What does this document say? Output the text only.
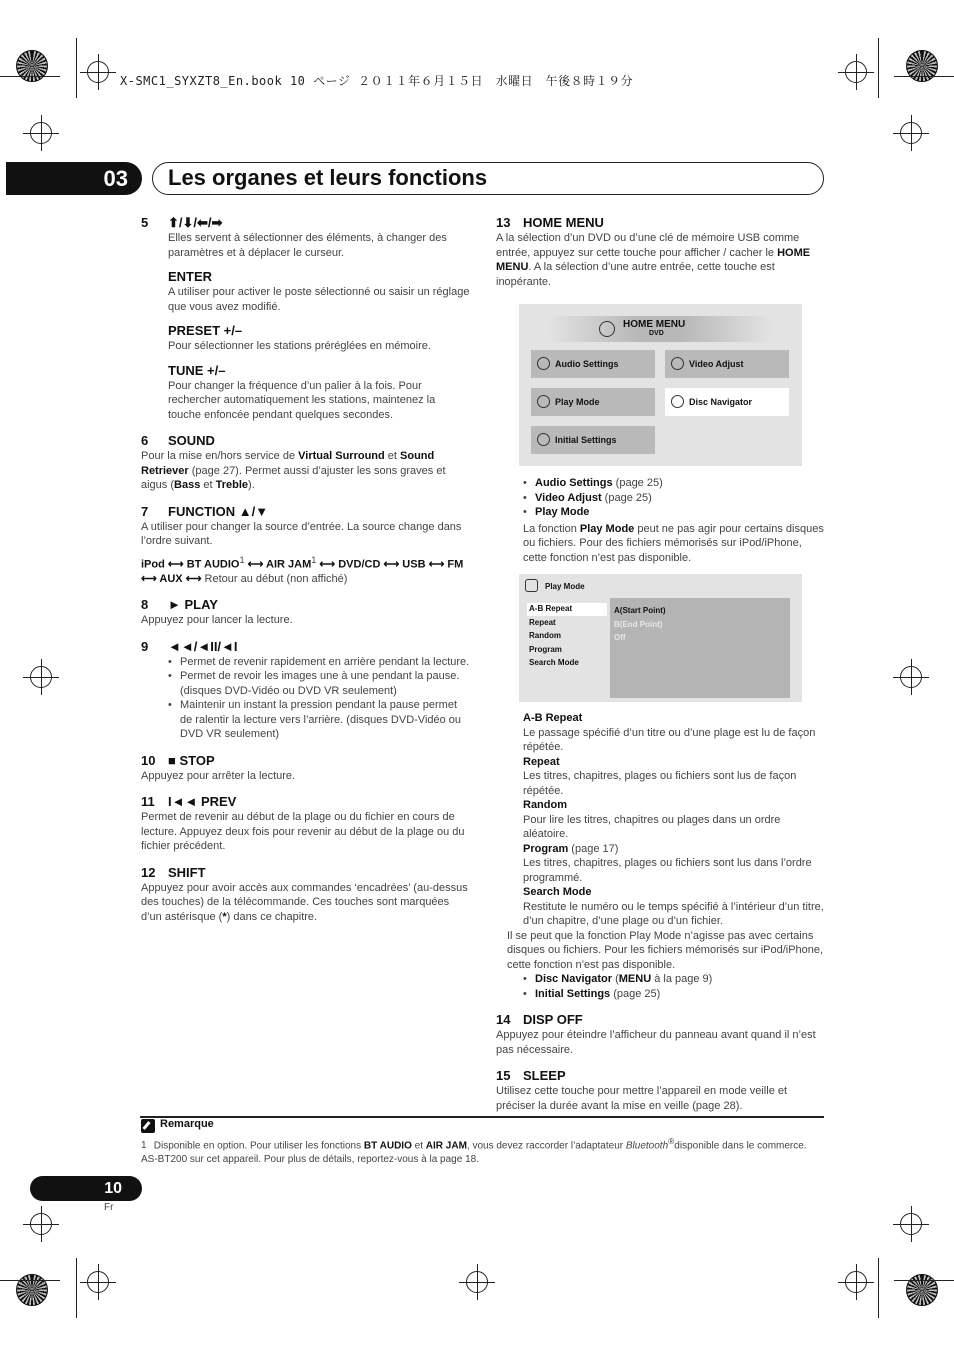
X-SMC1_SYXZT8_En.book 10 ページ ２０１１年６月１５日　水曜日　午後８時１９分
03	Les organes et leurs fonctions
5 ⬆/⬇/⬅/➡

Elles servent à sélectionner des éléments, à changer des paramètres et à déplacer le curseur.

ENTER

A utiliser pour activer le poste sélectionné ou saisir un réglage que vous avez modifié.

PRESET +/–

Pour sélectionner les stations préréglées en mémoire.

TUNE +/–

Pour changer la fréquence d’un palier à la fois. Pour rechercher automatiquement les stations, maintenez la touche enfoncée pendant quelques secondes.

6 SOUND

Pour la mise en/hors service de Virtual Surround et Sound Retriever (page 27). Permet aussi d’ajuster les sons graves et aigus (Bass et Treble).

7 FUNCTION ▲/▼

A utiliser pour changer la source d’entrée. La source change dans l’ordre suivant.

iPod ⟷ BT AUDIO$^1$ ⟷ AIR JAM$^1$ ⟷ DVD/CD ⟷ USB ⟷ FM ⟷ AUX ⟷ Retour au début (non affiché)

8 ► PLAY

Appuyez pour lancer la lecture.

9 ◄◄/◄II/◄I
• Permet de revenir rapidement en arrière pendant la lecture.
• Permet de revoir les images une à une pendant la pause. (disques DVD-Vidéo ou DVD VR seulement)
• Maintenir un instant la pression pendant la pause permet de ralentir la lecture vers l’arrière. (disques DVD-Vidéo ou DVD VR seulement)
10 ■ STOP

Appuyez pour arrêter la lecture.

11 I◄◄ PREV

Permet de revenir au début de la plage ou du fichier en cours de lecture. Appuyez deux fois pour revenir au début de la plage ou du fichier précédent.

12 SHIFT

Appuyez pour avoir accès aux commandes ‘encadrées’ (au-dessus des touches) de la télécommande. Ces touches sont marquées d’un astérisque (*) dans ce chapitre.

13 HOME MENU

A la sélection d’un DVD ou d’une clé de mémoire USB comme entrée, appuyez sur cette touche pour afficher / cacher le HOME MENU. A la sélection d’une autre entrée, cette touche est inopérante.

HOME MENU
DVD
Audio Settings	Video Adjust
Play Mode	Disc Navigator
Initial Settings
• Audio Settings (page 25)
• Video Adjust (page 25)
• Play Mode

La fonction Play Mode peut ne pas agir pour certains disques ou fichiers. Pour des fichiers mémorisés sur iPod/iPhone, cette fonction n’est pas disponible.

Play Mode
A-B Repeat
Repeat
Random
Program
Search Mode
A(Start Point)
B(End Point)
Off
A-B Repeat
Le passage spécifié d’un titre ou d’une plage est lu de façon répétée.
Repeat
Les titres, chapitres, plages ou fichiers sont lus de façon répétée.
Random
Pour lire les titres, chapitres ou plages dans un ordre aléatoire.
Program (page 17)
Les titres, chapitres, plages ou fichiers sont lus dans l’ordre programmé.
Search Mode
Restitute le numéro ou le temps spécifié à l’intérieur d’un titre, d’un chapitre, d’une plage ou d’un fichier.

Il se peut que la fonction Play Mode n’agisse pas avec certains disques ou fichiers. Pour les fichiers mémorisés sur iPod/iPhone, cette fonction n’est pas disponible.

• Disc Navigator (MENU à la page 9)
• Initial Settings (page 25)
14 DISP OFF

Appuyez pour éteindre l’afficheur du panneau avant quand il n’est pas nécessaire.

15 SLEEP

Utilisez cette touche pour mettre l’appareil en mode veille et préciser la durée avant la mise en veille (page 28).

Remarque
1 Disponible en option. Pour utiliser les fonctions BT AUDIO et AIR JAM, vous devez raccorder l’adaptateur Bluetooth®disponible dans le commerce. AS-BT200 sur cet appareil. Pour plus de détails, reportez-vous à la page 18.
10
Fr
